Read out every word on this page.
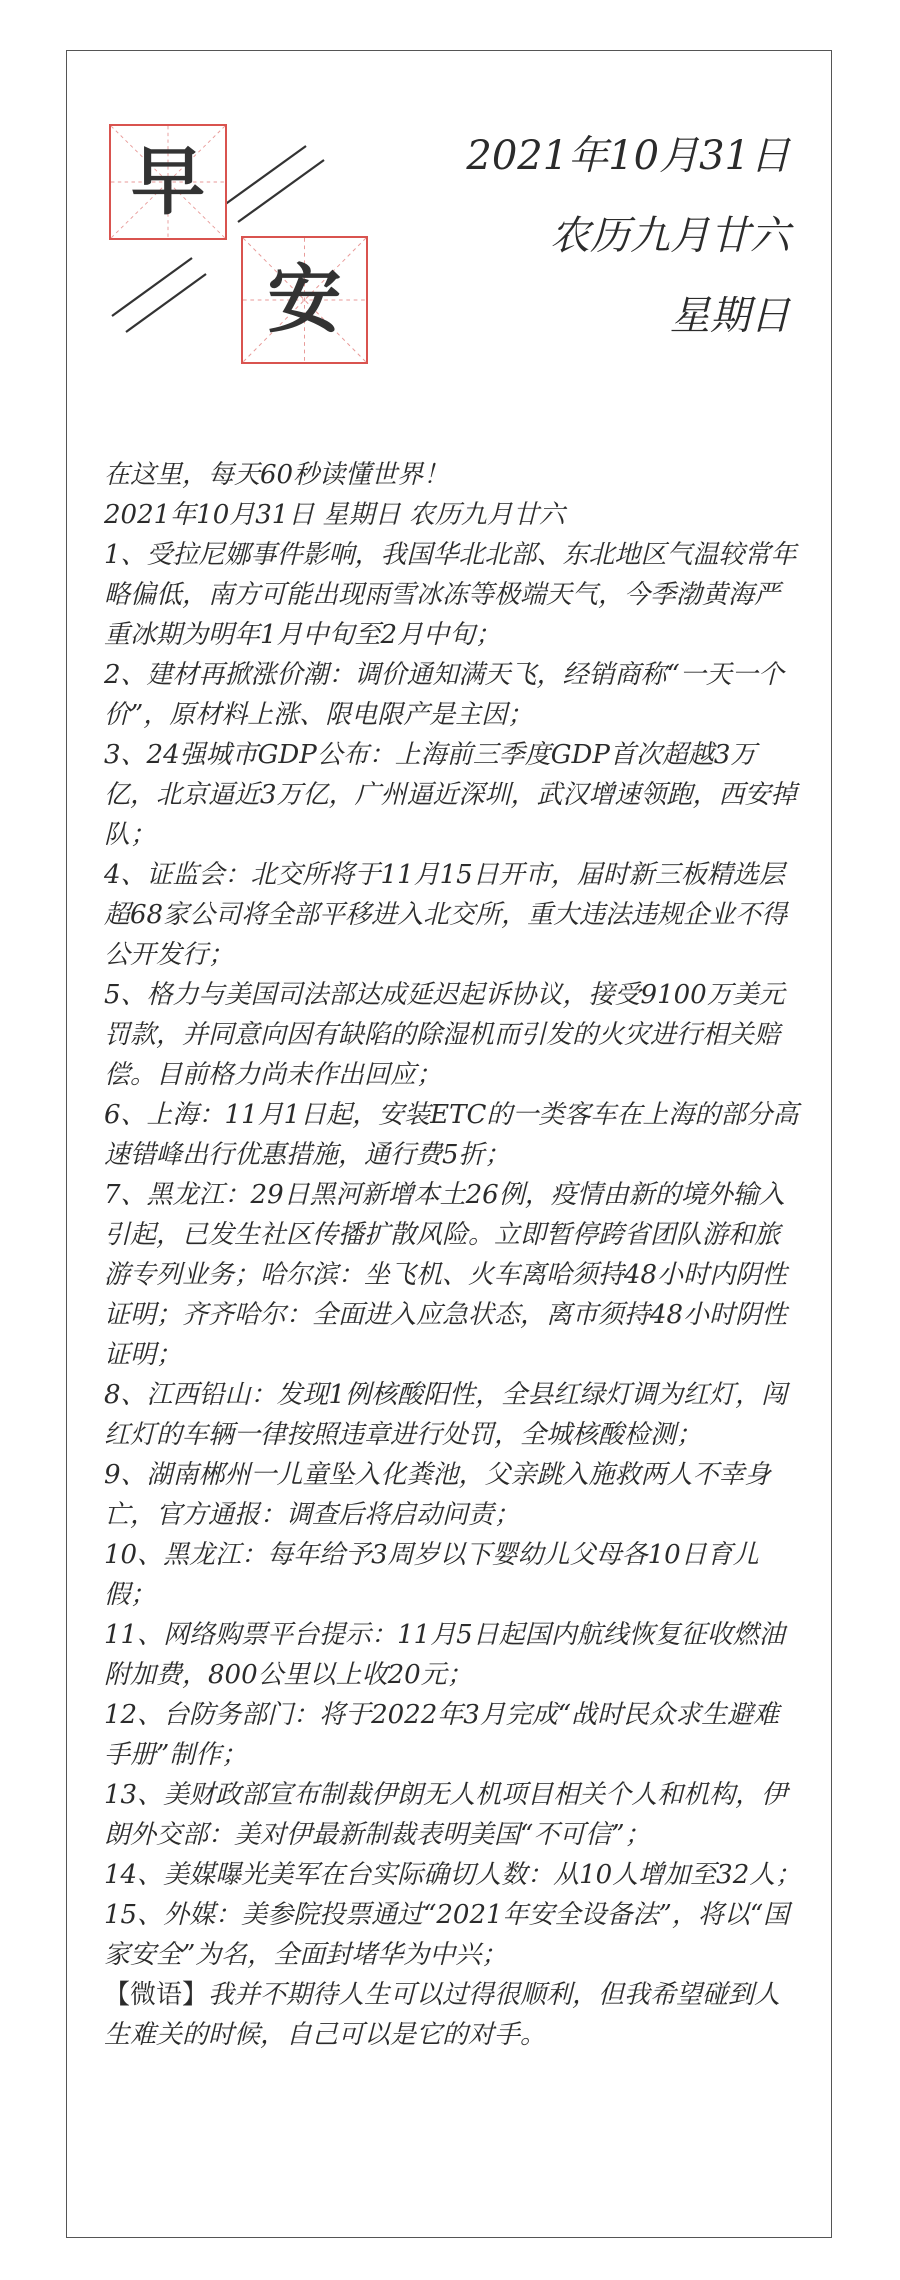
早
安
2021年10月31日
农历九月廿六
星期日

在这里，每天60秒读懂世界！

2021年10月31日 星期日 农历九月廿六

1、受拉尼娜事件影响，我国华北北部、东北地区气温较常年略偏低，南方可能出现雨雪冰冻等极端天气，今季渤黄海严重冰期为明年1月中旬至2月中旬；

2、建材再掀涨价潮：调价通知满天飞，经销商称“一天一个价”，原材料上涨、限电限产是主因；

3、24强城市GDP公布：上海前三季度GDP首次超越3万亿，北京逼近3万亿，广州逼近深圳，武汉增速领跑，西安掉队；

4、证监会：北交所将于11月15日开市，届时新三板精选层超68家公司将全部平移进入北交所，重大违法违规企业不得公开发行；

5、格力与美国司法部达成延迟起诉协议，接受9100万美元罚款，并同意向因有缺陷的除湿机而引发的火灾进行相关赔偿。目前格力尚未作出回应；

6、上海：11月1日起，安装ETC的一类客车在上海的部分高速错峰出行优惠措施，通行费5折；

7、黑龙江：29日黑河新增本土26例，疫情由新的境外输入引起，已发生社区传播扩散风险。立即暂停跨省团队游和旅游专列业务；哈尔滨：坐飞机、火车离哈须持48小时内阴性证明；齐齐哈尔：全面进入应急状态，离市须持48小时阴性证明；

8、江西铅山：发现1例核酸阳性，全县红绿灯调为红灯，闯红灯的车辆一律按照违章进行处罚，全城核酸检测；

9、湖南郴州一儿童坠入化粪池，父亲跳入施救两人不幸身亡，官方通报：调查后将启动问责；

10、黑龙江：每年给予3周岁以下婴幼儿父母各10日育儿假；

11、网络购票平台提示：11月5日起国内航线恢复征收燃油附加费，800公里以上收20元；

12、台防务部门：将于2022年3月完成“战时民众求生避难手册”制作；

13、美财政部宣布制裁伊朗无人机项目相关个人和机构，伊朗外交部：美对伊最新制裁表明美国“不可信”；

14、美媒曝光美军在台实际确切人数：从10人增加至32人；

15、外媒：美参院投票通过“2021年安全设备法”，将以“国家安全”为名，全面封堵华为中兴；

【微语】我并不期待人生可以过得很顺利，但我希望碰到人生难关的时候，自己可以是它的对手。
